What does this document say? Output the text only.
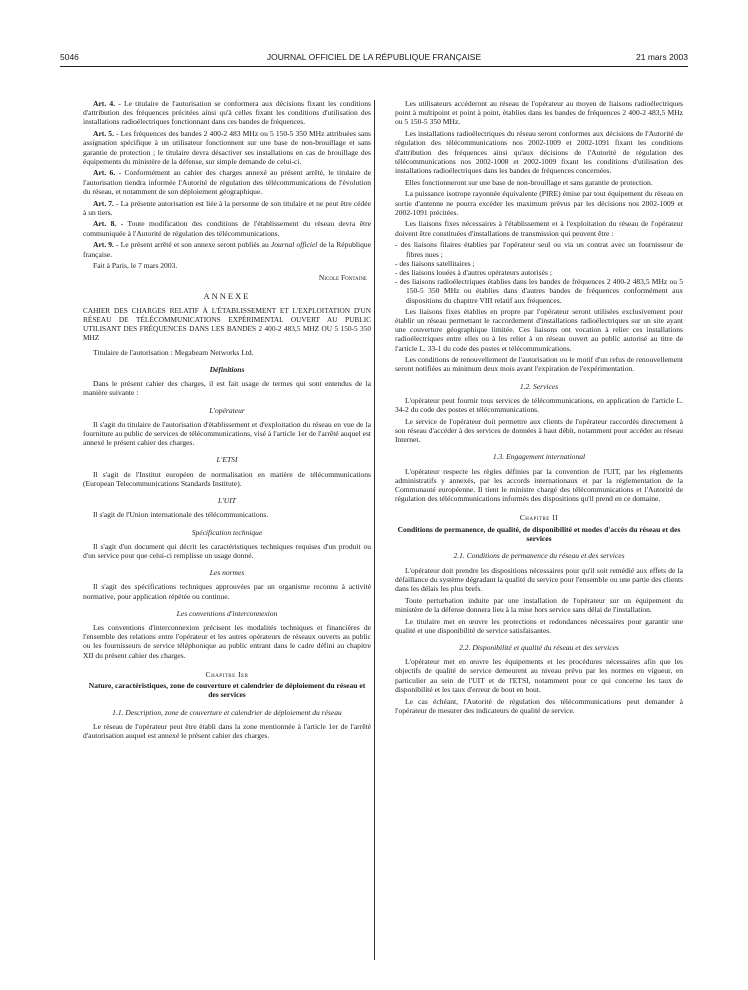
5046	JOURNAL OFFICIEL DE LA RÉPUBLIQUE FRANÇAISE	21 mars 2003

Art. 4. - Le titulaire de l'autorisation se conformera aux décisions fixant les conditions d'attribution des fréquences précitées ainsi qu'à celles fixant les conditions d'utilisation des installations radioélectriques fonctionnant dans ces bandes de fréquences.

Art. 5. - Les fréquences des bandes 2 400-2 483 MHz ou 5 150-5 350 MHz attribuées sans assignation spécifique à un utilisateur fonctionnent sur une base de non-brouillage et sans garantie de protection ; le titulaire devra désactiver ses installations en cas de brouillage des équipements du ministère de la défense, sur simple demande de celui-ci.

Art. 6. - Conformément au cahier des charges annexé au présent arrêté, le titulaire de l'autorisation tiendra informée l'Autorité de régulation des télécommunications de l'évolution du réseau, et notamment de son déploiement géographique.

Art. 7. - La présente autorisation est liée à la personne de son titulaire et ne peut être cédée à un tiers.

Art. 8. - Toute modification des conditions de l'établissement du réseau devra être communiquée à l'Autorité de régulation des télécommunications.

Art. 9. - Le présent arrêté et son annexe seront publiés au Journal officiel de la République française.

Fait à Paris, le 7 mars 2003.

Nicole Fontaine

ANNEXE

CAHIER DES CHARGES RELATIF À L'ÉTABLISSEMENT ET L'EXPLOITATION D'UN RÉSEAU DE TÉLÉCOMMUNICATIONS EXPÉRIMENTAL OUVERT AU PUBLIC UTILISANT DES FRÉQUENCES DANS LES BANDES 2 400-2 483,5 MHZ OU 5 150-5 350 MHZ

Titulaire de l'autorisation : Megabeam Networks Ltd.

Définitions

Dans le présent cahier des charges, il est fait usage de termes qui sont entendus de la manière suivante :

L'opérateur

Il s'agit du titulaire de l'autorisation d'établissement et d'exploitation du réseau en vue de la fourniture au public de services de télécommunications, visé à l'article 1er de l'arrêté auquel est annexé le présent cahier des charges.

L'ETSI

Il s'agit de l'Institut européen de normalisation en matière de télécommunications (European Telecommunications Standards Institute).

L'UIT

Il s'agit de l'Union internationale des télécommunications.

Spécification technique

Il s'agit d'un document qui décrit les caractéristiques techniques requises d'un produit ou d'un service pour que celui-ci remplisse un usage donné.

Les normes

Il s'agit des spécifications techniques approuvées par un organisme reconnu à activité normative, pour application répétée ou continue.

Les conventions d'interconnexion

Les conventions d'interconnexion précisent les modalités techniques et financières de l'ensemble des relations entre l'opérateur et les autres opérateurs de réseaux ouverts au public ou les fournisseurs de service téléphonique au public entrant dans le cadre défini au chapitre XII du présent cahier des charges.

Chapitre Ier
Nature, caractéristiques, zone de couverture et calendrier de déploiement du réseau et des services
1.1. Description, zone de couverture et calendrier de déploiement du réseau

Le réseau de l'opérateur peut être établi dans la zone mentionnée à l'article 1er de l'arrêté d'autorisation auquel est annexé le présent cahier des charges.

Les utilisateurs accéderont au réseau de l'opérateur au moyen de liaisons radioélectriques point à multipoint et point à point, établies dans les bandes de fréquences 2 400-2 483,5 MHz ou 5 150-5 350 MHz.

Les installations radioélectriques du réseau seront conformes aux décisions de l'Autorité de régulation des télécommunications nos 2002-1009 et 2002-1091 fixant les conditions d'attribution des fréquences ainsi qu'aux décisions de l'Autorité de régulation des télécommunications nos 2002-1008 et 2002-1009 fixant les conditions d'utilisation des installations radioélectriques dans les bandes de fréquences concernées.

Elles fonctionneront sur une base de non-brouillage et sans garantie de protection.

La puissance isotrope rayonnée équivalente (PIRE) émise par tout équipement du réseau en sortie d'antenne ne pourra excéder les maximum prévus par les décisions nos 2002-1009 et 2002-1091 précitées.

Les liaisons fixes nécessaires à l'établissement et à l'exploitation du réseau de l'opérateur doivent être constituées d'installations de transmission qui peuvent être :

- des liaisons filaires établies par l'opérateur seul ou via un contrat avec un fournisseur de fibres nues ;
- des liaisons satellitaires ;
- des liaisons louées à d'autres opérateurs autorisés ;
- des liaisons radioélectriques établies dans les bandes de fréquences 2 400-2 483,5 MHz ou 5 150-5 350 MHz ou établies dans d'autres bandes de fréquences conformément aux dispositions du chapitre VIII relatif aux fréquences.

Les liaisons fixes établies en propre par l'opérateur seront utilisées exclusivement pour établir un réseau permettant le raccordement d'installations radioélectriques sur un site ayant une couverture géographique limitée. Ces liaisons ont vocation à relier ces installations radioélectriques entre elles ou à les relier à un réseau ouvert au public autorisé au titre de l'article L. 33-1 du code des postes et télécommunications.

Les conditions de renouvellement de l'autorisation ou le motif d'un refus de renouvellement seront notifiées au minimum deux mois avant l'expiration de l'expérimentation.

1.2. Services

L'opérateur peut fournir tous services de télécommunications, en application de l'article L. 34-2 du code des postes et télécommunications.

Le service de l'opérateur doit permettre aux clients de l'opérateur raccordés directement à son réseau d'accéder à des services de données à haut débit, notamment pour accéder au réseau Internet.

1.3. Engagement international

L'opérateur respecte les règles définies par la convention de l'UIT, par les règlements administratifs y annexés, par les accords internationaux et par la réglementation de la Communauté européenne. Il tient le ministre chargé des télécommunications et l'Autorité de régulation des télécommunications informés des dispositions qu'il prend en ce domaine.

Chapitre II
Conditions de permanence, de qualité, de disponibilité et modes d'accès du réseau et des services
2.1. Conditions de permanence du réseau et des services

L'opérateur doit prendre les dispositions nécessaires pour qu'il soit remédié aux effets de la défaillance du système dégradant la qualité du service pour l'ensemble ou une partie des clients dans les délais les plus brefs.

Toute perturbation induite par une installation de l'opérateur sur un équipement du ministère de la défense donnera lieu à la mise hors service sans délai de l'installation.

Le titulaire met en œuvre les protections et redondances nécessaires pour garantir une qualité et une disponibilité de service satisfaisantes.

2.2. Disponibilité et qualité du réseau et des services

L'opérateur met en œuvre les équipements et les procédures nécessaires afin que les objectifs de qualité de service demeurent au niveau prévu par les normes en vigueur, en particulier au sein de l'UIT et de l'ETSI, notamment pour ce qui concerne les taux de disponibilité et les taux d'erreur de bout en bout.

Le cas échéant, l'Autorité de régulation des télécommunications peut demander à l'opérateur de mesurer des indicateurs de qualité de service.
